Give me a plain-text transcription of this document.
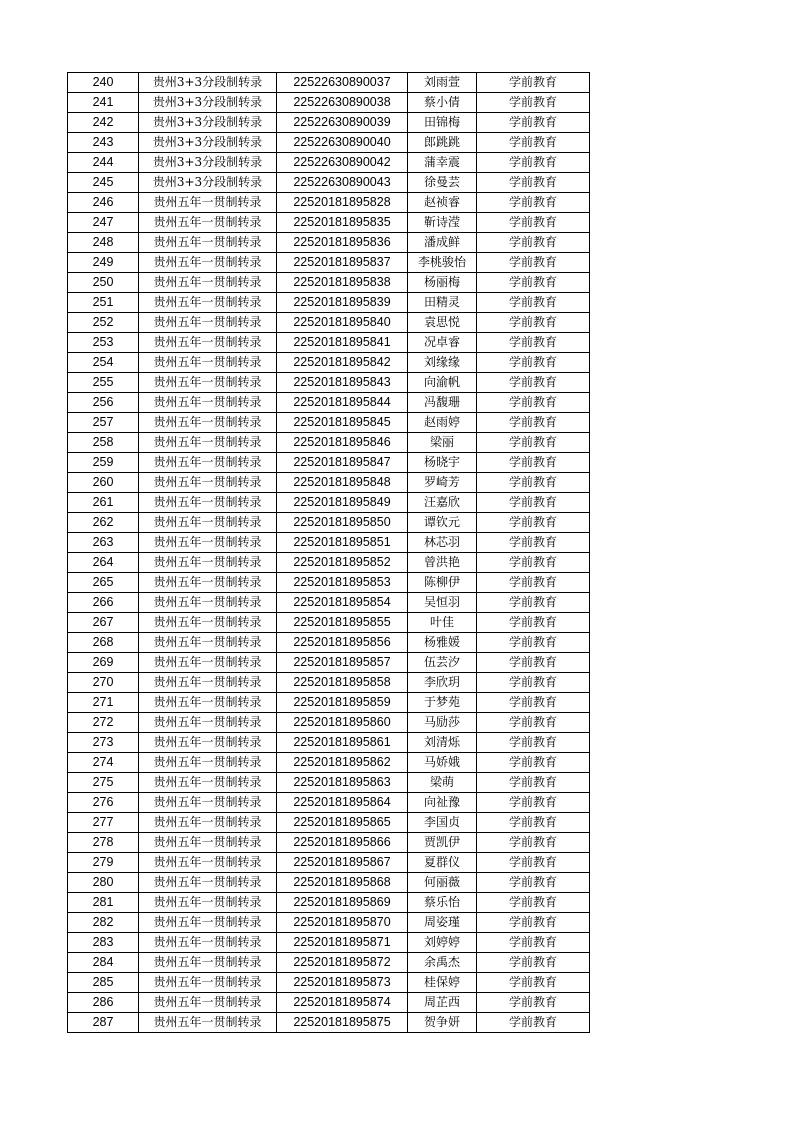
240	贵州3+3分段制转录	22522630890037	刘雨萱	学前教育
241	贵州3+3分段制转录	22522630890038	蔡小倩	学前教育
242	贵州3+3分段制转录	22522630890039	田锦梅	学前教育
243	贵州3+3分段制转录	22522630890040	郎跳跳	学前教育
244	贵州3+3分段制转录	22522630890042	蒲幸震	学前教育
245	贵州3+3分段制转录	22522630890043	徐曼芸	学前教育
246	贵州五年一贯制转录	22520181895828	赵祯睿	学前教育
247	贵州五年一贯制转录	22520181895835	靳诗滢	学前教育
248	贵州五年一贯制转录	22520181895836	潘成鲜	学前教育
249	贵州五年一贯制转录	22520181895837	李桃骏怡	学前教育
250	贵州五年一贯制转录	22520181895838	杨丽梅	学前教育
251	贵州五年一贯制转录	22520181895839	田精灵	学前教育
252	贵州五年一贯制转录	22520181895840	袁思悦	学前教育
253	贵州五年一贯制转录	22520181895841	况卓睿	学前教育
254	贵州五年一贯制转录	22520181895842	刘缘缘	学前教育
255	贵州五年一贯制转录	22520181895843	向渝帆	学前教育
256	贵州五年一贯制转录	22520181895844	冯馥珊	学前教育
257	贵州五年一贯制转录	22520181895845	赵雨婷	学前教育
258	贵州五年一贯制转录	22520181895846	梁丽	学前教育
259	贵州五年一贯制转录	22520181895847	杨晓宇	学前教育
260	贵州五年一贯制转录	22520181895848	罗崎芳	学前教育
261	贵州五年一贯制转录	22520181895849	汪嘉欣	学前教育
262	贵州五年一贯制转录	22520181895850	谭钦元	学前教育
263	贵州五年一贯制转录	22520181895851	林芯羽	学前教育
264	贵州五年一贯制转录	22520181895852	曾洪艳	学前教育
265	贵州五年一贯制转录	22520181895853	陈柳伊	学前教育
266	贵州五年一贯制转录	22520181895854	吴恒羽	学前教育
267	贵州五年一贯制转录	22520181895855	叶佳	学前教育
268	贵州五年一贯制转录	22520181895856	杨雅媛	学前教育
269	贵州五年一贯制转录	22520181895857	伍芸汐	学前教育
270	贵州五年一贯制转录	22520181895858	李欣玥	学前教育
271	贵州五年一贯制转录	22520181895859	于梦苑	学前教育
272	贵州五年一贯制转录	22520181895860	马励莎	学前教育
273	贵州五年一贯制转录	22520181895861	刘清烁	学前教育
274	贵州五年一贯制转录	22520181895862	马娇娥	学前教育
275	贵州五年一贯制转录	22520181895863	梁萌	学前教育
276	贵州五年一贯制转录	22520181895864	向祉豫	学前教育
277	贵州五年一贯制转录	22520181895865	李国贞	学前教育
278	贵州五年一贯制转录	22520181895866	贾凯伊	学前教育
279	贵州五年一贯制转录	22520181895867	夏群仪	学前教育
280	贵州五年一贯制转录	22520181895868	何丽薇	学前教育
281	贵州五年一贯制转录	22520181895869	蔡乐怡	学前教育
282	贵州五年一贯制转录	22520181895870	周姿瑾	学前教育
283	贵州五年一贯制转录	22520181895871	刘婷婷	学前教育
284	贵州五年一贯制转录	22520181895872	余禹杰	学前教育
285	贵州五年一贯制转录	22520181895873	桂保婷	学前教育
286	贵州五年一贯制转录	22520181895874	周芷西	学前教育
287	贵州五年一贯制转录	22520181895875	贺争妍	学前教育
